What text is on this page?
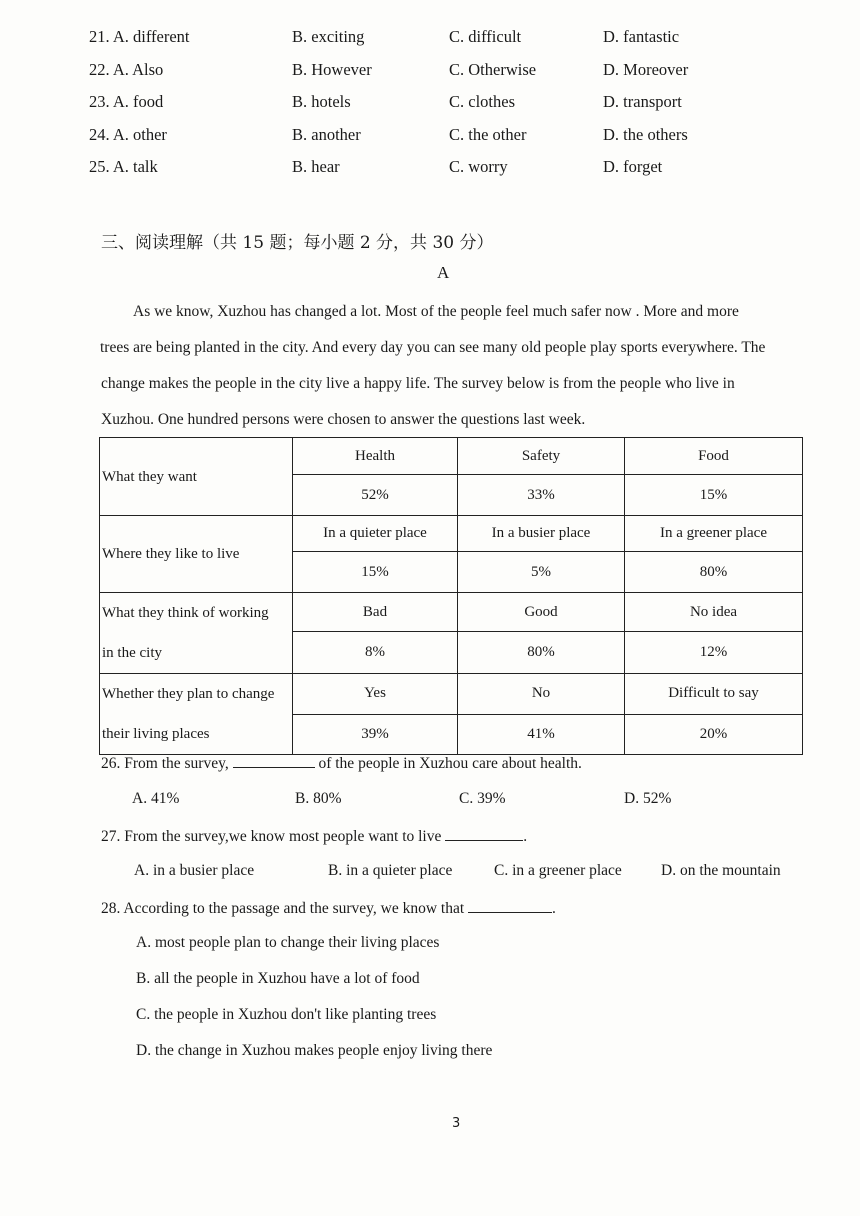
21. A. different	B. exciting	C. difficult	D. fantastic
22. A. Also	B. However	C. Otherwise	D. Moreover
23. A. food	B. hotels	C. clothes	D. transport
24. A. other	B. another	C. the other	D. the others
25. A. talk	B. hear	C. worry	D. forget
三、阅读理解（共 15 题；每小题 2 分，共 30 分）
A
As we know, Xuzhou has changed a lot. Most of the people feel much safer now . More and more
trees are being planted in the city. And every day you can see many old people play sports everywhere. The
change makes the people in the city live a happy life. The survey below is from the people who live in
Xuzhou. One hundred persons were chosen to answer the questions last week.
What they want	Health	Safety	Food
	52%	33%	15%

Where they like to live	In a quieter place	In a busier place	In a greener place
	15%	5%	80%

What they think of working
in the city	Bad	Good	No idea
	8%	80%	12%

Whether they plan to change
their living places	Yes	No	Difficult to say
	39%	41%	20%
26. From the survey,	of the people in Xuzhou care about health.
A. 41%	B. 80%	C. 39%	D. 52%
27. From the survey,we know most people want to live	.
A. in a busier place	B. in a quieter place	C. in a greener place	D. on the mountain
28. According to the passage and the survey, we know that	.
A. most people plan to change their living places
B. all the people in Xuzhou have a lot of food
C. the people in Xuzhou don't like planting trees
D. the change in Xuzhou makes people enjoy living there
3
